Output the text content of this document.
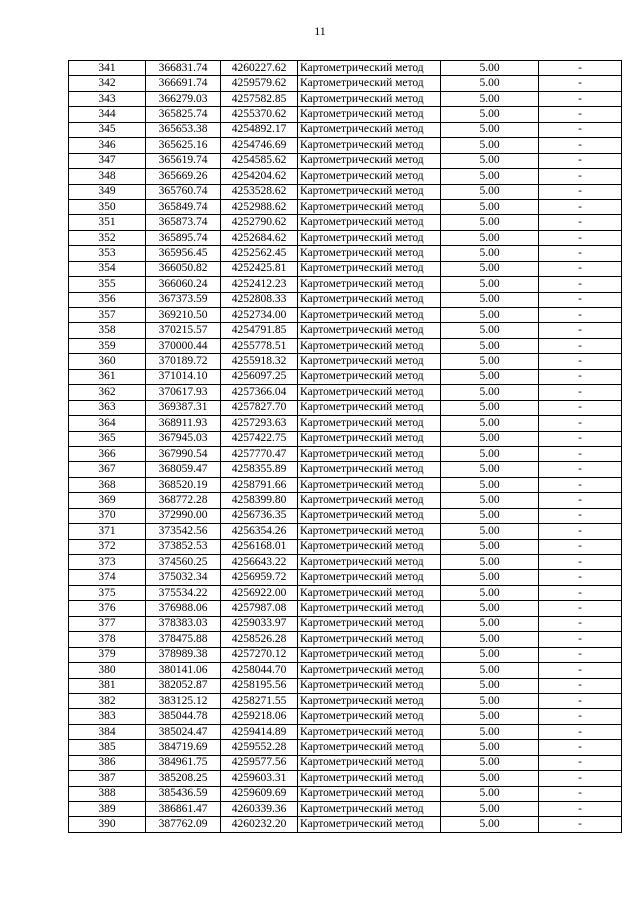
11
341	366831.74	4260227.62	Картометрический метод	5.00	-
342	366691.74	4259579.62	Картометрический метод	5.00	-
343	366279.03	4257582.85	Картометрический метод	5.00	-
344	365825.74	4255370.62	Картометрический метод	5.00	-
345	365653.38	4254892.17	Картометрический метод	5.00	-
346	365625.16	4254746.69	Картометрический метод	5.00	-
347	365619.74	4254585.62	Картометрический метод	5.00	-
348	365669.26	4254204.62	Картометрический метод	5.00	-
349	365760.74	4253528.62	Картометрический метод	5.00	-
350	365849.74	4252988.62	Картометрический метод	5.00	-
351	365873.74	4252790.62	Картометрический метод	5.00	-
352	365895.74	4252684.62	Картометрический метод	5.00	-
353	365956.45	4252562.45	Картометрический метод	5.00	-
354	366050.82	4252425.81	Картометрический метод	5.00	-
355	366060.24	4252412.23	Картометрический метод	5.00	-
356	367373.59	4252808.33	Картометрический метод	5.00	-
357	369210.50	4252734.00	Картометрический метод	5.00	-
358	370215.57	4254791.85	Картометрический метод	5.00	-
359	370000.44	4255778.51	Картометрический метод	5.00	-
360	370189.72	4255918.32	Картометрический метод	5.00	-
361	371014.10	4256097.25	Картометрический метод	5.00	-
362	370617.93	4257366.04	Картометрический метод	5.00	-
363	369387.31	4257827.70	Картометрический метод	5.00	-
364	368911.93	4257293.63	Картометрический метод	5.00	-
365	367945.03	4257422.75	Картометрический метод	5.00	-
366	367990.54	4257770.47	Картометрический метод	5.00	-
367	368059.47	4258355.89	Картометрический метод	5.00	-
368	368520.19	4258791.66	Картометрический метод	5.00	-
369	368772.28	4258399.80	Картометрический метод	5.00	-
370	372990.00	4256736.35	Картометрический метод	5.00	-
371	373542.56	4256354.26	Картометрический метод	5.00	-
372	373852.53	4256168.01	Картометрический метод	5.00	-
373	374560.25	4256643.22	Картометрический метод	5.00	-
374	375032.34	4256959.72	Картометрический метод	5.00	-
375	375534.22	4256922.00	Картометрический метод	5.00	-
376	376988.06	4257987.08	Картометрический метод	5.00	-
377	378383.03	4259033.97	Картометрический метод	5.00	-
378	378475.88	4258526.28	Картометрический метод	5.00	-
379	378989.38	4257270.12	Картометрический метод	5.00	-
380	380141.06	4258044.70	Картометрический метод	5.00	-
381	382052.87	4258195.56	Картометрический метод	5.00	-
382	383125.12	4258271.55	Картометрический метод	5.00	-
383	385044.78	4259218.06	Картометрический метод	5.00	-
384	385024.47	4259414.89	Картометрический метод	5.00	-
385	384719.69	4259552.28	Картометрический метод	5.00	-
386	384961.75	4259577.56	Картометрический метод	5.00	-
387	385208.25	4259603.31	Картометрический метод	5.00	-
388	385436.59	4259609.69	Картометрический метод	5.00	-
389	386861.47	4260339.36	Картометрический метод	5.00	-
390	387762.09	4260232.20	Картометрический метод	5.00	-
